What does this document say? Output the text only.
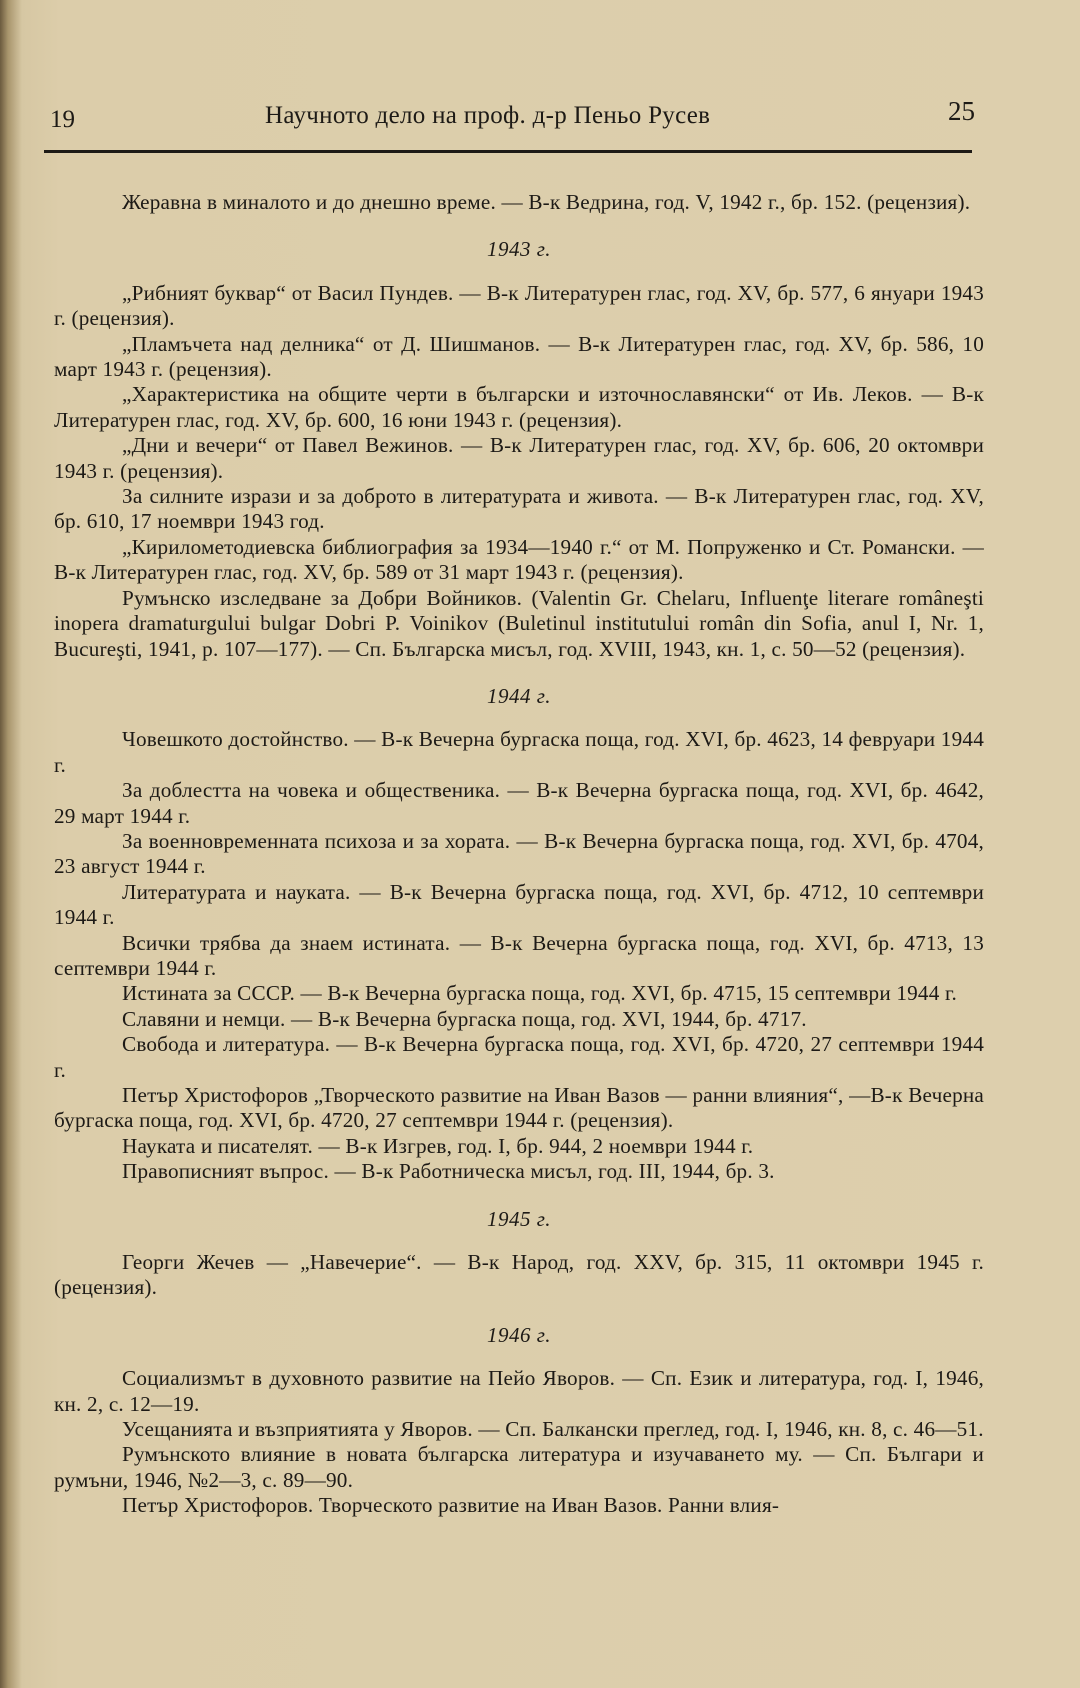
19	Научното дело на проф. д-р Пеньо Русев	25
Жеравна в миналото и до днешно време. — В-к Ведрина, год. V, 1942 г., бр. 152. (рецензия).
1943 г.
„Рибният буквар“ от Васил Пундев. — В-к Литературен глас, год. XV, бр. 577, 6 януари 1943 г. (рецензия).
„Пламъчета над делника“ от Д. Шишманов. — В-к Литературен глас, год. XV, бр. 586, 10 март 1943 г. (рецензия).
„Характеристика на общите черти в български и източнославянски“ от Ив. Леков. — В-к Литературен глас, год. XV, бр. 600, 16 юни 1943 г. (рецензия).
„Дни и вечери“ от Павел Вежинов. — В-к Литературен глас, год. XV, бр. 606, 20 октомври 1943 г. (рецензия).
За силните изрази и за доброто в литературата и живота. — В-к Литературен глас, год. XV, бр. 610, 17 ноември 1943 год.
„Кирилометодиевска библиография за 1934—1940 г.“ от М. Попруженко и Ст. Романски. — В-к Литературен глас, год. XV, бр. 589 от 31 март 1943 г. (рецензия).
Румънско изследване за Добри Войников. (Valentin Gr. Chelaru, Influenţe literare româneşti inopera dramaturgului bulgar Dobri P. Voinikov (Buletinul institutului român din Sofia, anul I, Nr. 1, Bucureşti, 1941, p. 107—177). — Сп. Българска мисъл, год. XVIII, 1943, кн. 1, с. 50—52 (рецензия).
1944 г.
Човешкото достойнство. — В-к Вечерна бургаска поща, год. XVI, бр. 4623, 14 февруари 1944 г.
За доблестта на човека и общественика. — В-к Вечерна бургаска поща, год. XVI, бр. 4642, 29 март 1944 г.
За военновременната психоза и за хората. — В-к Вечерна бургаска поща, год. XVI, бр. 4704, 23 август 1944 г.
Литературата и науката. — В-к Вечерна бургаска поща, год. XVI, бр. 4712, 10 септември 1944 г.
Всички трябва да знаем истината. — В-к Вечерна бургаска поща, год. XVI, бр. 4713, 13 септември 1944 г.
Истината за СССР. — В-к Вечерна бургаска поща, год. XVI, бр. 4715, 15 септември 1944 г.
Славяни и немци. — В-к Вечерна бургаска поща, год. XVI, 1944, бр. 4717.
Свобода и литература. — В-к Вечерна бургаска поща, год. XVI, бр. 4720, 27 септември 1944 г.
Петър Христофоров „Творческото развитие на Иван Вазов — ранни влияния“, —В-к Вечерна бургаска поща, год. XVI, бр. 4720, 27 септември 1944 г. (рецензия).
Науката и писателят. — В-к Изгрев, год. I, бр. 944, 2 ноември 1944 г.
Правописният въпрос. — В-к Работническа мисъл, год. III, 1944, бр. 3.
1945 г.
Георги Жечев — „Навечерие“. — В-к Народ, год. XXV, бр. 315, 11 октомври 1945 г. (рецензия).
1946 г.
Социализмът в духовното развитие на Пейо Яворов. — Сп. Език и литература, год. I, 1946, кн. 2, с. 12—19.
Усещанията и възприятията у Яворов. — Сп. Балкански преглед, год. I, 1946, кн. 8, с. 46—51.
Румънското влияние в новата българска литература и изучаването му. — Сп. Българи и румъни, 1946, №2—3, с. 89—90.
Петър Христофоров. Творческото развитие на Иван Вазов. Ранни влия-
